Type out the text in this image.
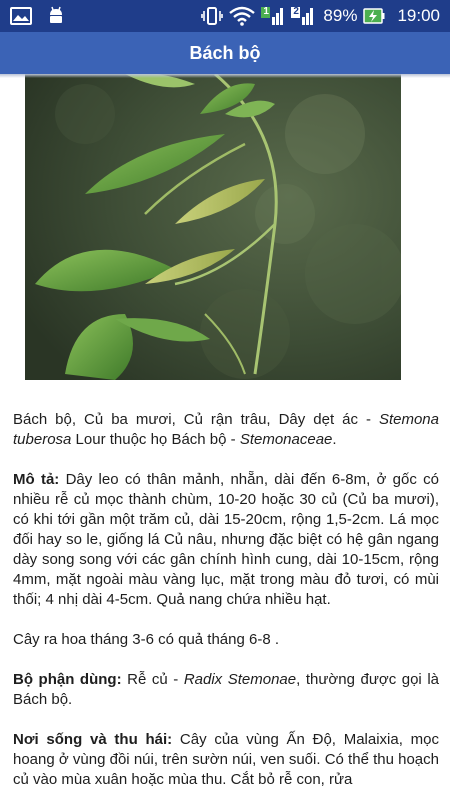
1 2 89% 19:00
Bách bộ

Bách bộ, Củ ba mươi, Củ rận trâu, Dây dẹt ác - Stemona tuberosa Lour thuộc họ Bách bộ - Stemonaceae.

Mô tả: Dây leo có thân mảnh, nhẵn, dài đến 6-8m, ở gốc có nhiều rễ củ mọc thành chùm, 10-20 hoặc 30 củ (Củ ba mươi), có khi tới gần một trăm củ, dài 15-20cm, rộng 1,5-2cm. Lá mọc đối hay so le, giống lá Củ nâu, nhưng đặc biệt có hệ gân ngang dày song song với các gân chính hình cung, dài 10-15cm, rộng 4mm, mặt ngoài màu vàng lục, mặt trong màu đỏ tươi, có mùi thối; 4 nhị dài 4-5cm. Quả nang chứa nhiều hạt.

Cây ra hoa tháng 3-6 có quả tháng 6-8 .

Bộ phận dùng: Rễ củ - Radix Stemonae, thường được gọi là Bách bộ.

Nơi sống và thu hái: Cây của vùng Ấn Độ, Malaixia, mọc hoang ở vùng đồi núi, trên sườn núi, ven suối. Có thể thu hoạch củ vào mùa xuân hoặc mùa thu. Cắt bỏ rễ con, rửa
